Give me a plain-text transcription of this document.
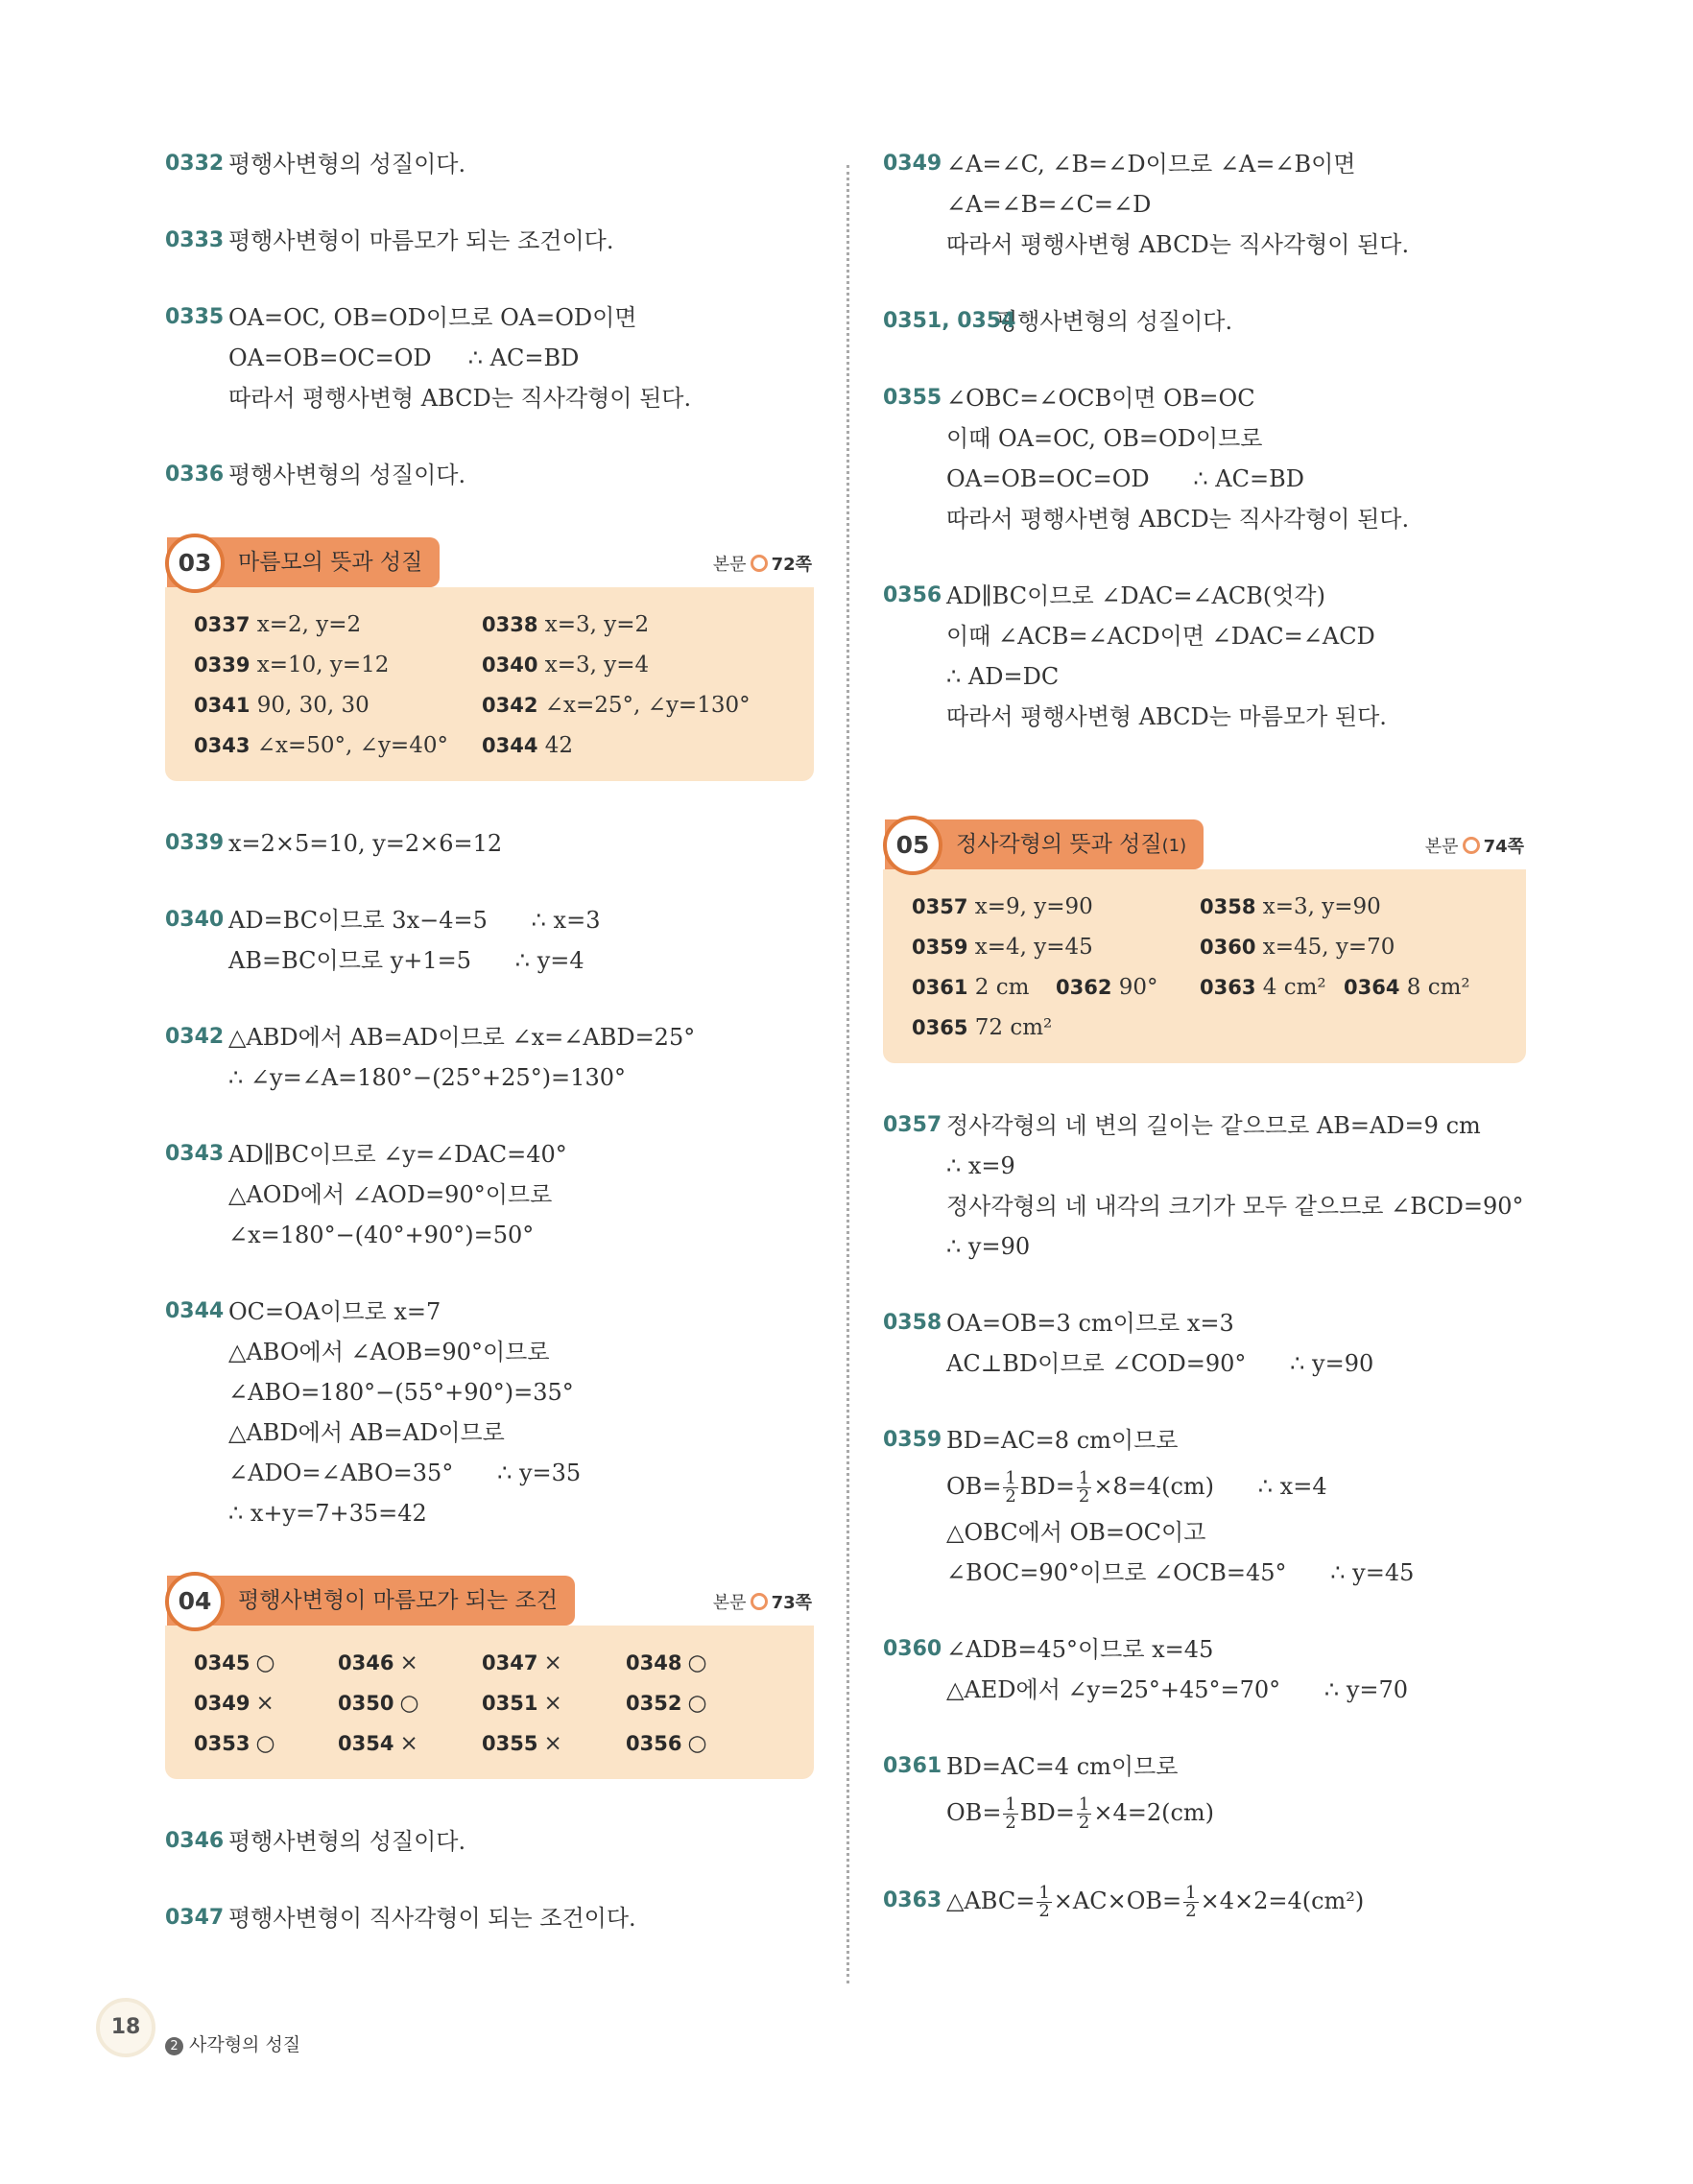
0332 평행사변형의 성질이다.
0333 평행사변형이 마름모가 되는 조건이다.
0335 OA=OC, OB=OD이므로 OA=OD이면
OA=OB=OC=OD     ∴ AC=BD
따라서 평행사변형 ABCD는 직사각형이 된다.
0336 평행사변형의 성질이다.
03	마름모의 뜻과 성질	본문 72쪽
0337 x=2, y=2	0338 x=3, y=2
0339 x=10, y=12	0340 x=3, y=4
0341 90, 30, 30	0342 ∠x=25°, ∠y=130°
0343 ∠x=50°, ∠y=40°	0344 42
0339 x=2×5=10, y=2×6=12
0340 AD=BC이므로 3x−4=5      ∴ x=3
AB=BC이므로 y+1=5      ∴ y=4
0342 △ABD에서 AB=AD이므로 ∠x=∠ABD=25°
∴ ∠y=∠A=180°−(25°+25°)=130°
0343 AD∥BC이므로 ∠y=∠DAC=40°
△AOD에서 ∠AOD=90°이므로
∠x=180°−(40°+90°)=50°
0344 OC=OA이므로 x=7
△ABO에서 ∠AOB=90°이므로
∠ABO=180°−(55°+90°)=35°
△ABD에서 AB=AD이므로
∠ADO=∠ABO=35°      ∴ y=35
∴ x+y=7+35=42
04	평행사변형이 마름모가 되는 조건	본문 73쪽
0345 ○	0346 ×	0347 ×	0348 ○
0349 ×	0350 ○	0351 ×	0352 ○
0353 ○	0354 ×	0355 ×	0356 ○
0346 평행사변형의 성질이다.
0347 평행사변형이 직사각형이 되는 조건이다.
0349 ∠A=∠C, ∠B=∠D이므로 ∠A=∠B이면
∠A=∠B=∠C=∠D
따라서 평행사변형 ABCD는 직사각형이 된다.
0351, 0354
평행사변형의 성질이다.
0355 ∠OBC=∠OCB이면 OB=OC
이때 OA=OC, OB=OD이므로
OA=OB=OC=OD      ∴ AC=BD
따라서 평행사변형 ABCD는 직사각형이 된다.
0356 AD∥BC이므로 ∠DAC=∠ACB(엇각)
이때 ∠ACB=∠ACD이면 ∠DAC=∠ACD
∴ AD=DC
따라서 평행사변형 ABCD는 마름모가 된다.
05	정사각형의 뜻과 성질(1)	본문 74쪽
0357 x=9, y=90	0358 x=3, y=90
0359 x=4, y=45	0360 x=45, y=70
0361 2 cm 0362 90°	0363 4 cm² 0364 8 cm²
0365 72 cm²
0357 정사각형의 네 변의 길이는 같으므로 AB=AD=9 cm
∴ x=9
정사각형의 네 내각의 크기가 모두 같으므로 ∠BCD=90°
∴ y=90
0358 OA=OB=3 cm이므로 x=3
AC⊥BD이므로 ∠COD=90°      ∴ y=90
0359 BD=AC=8 cm이므로
$OB= \frac{1}{2} BD= \frac{1}{2} \times 8=4(cm)$      ∴ x=4
△OBC에서 OB=OC이고
∠BOC=90°이므로 ∠OCB=45°      ∴ y=45
0360 ∠ADB=45°이므로 x=45
△AED에서 ∠y=25°+45°=70°      ∴ y=70
0361 BD=AC=4 cm이므로
$OB= \frac{1}{2} BD= \frac{1}{2} \times 4=2(cm)$
0363 △ABC= $\frac{1}{2} \times AC\times OB= \frac{1}{2} \times 4\times 2=4(cm^2)$
18
2 사각형의 성질
